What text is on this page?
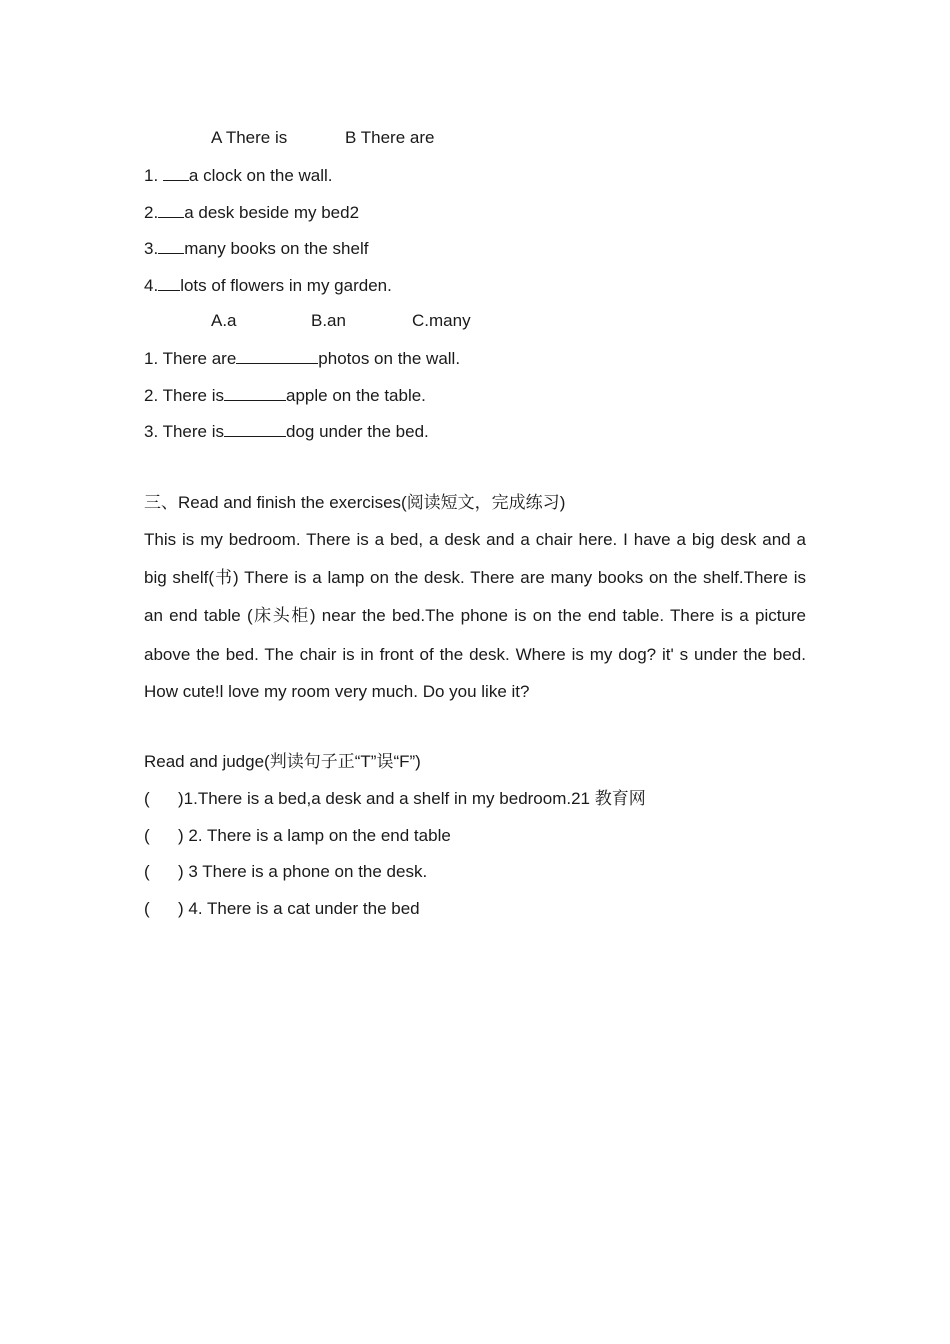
A There is	B There are
1. a clock on the wall.
2. a desk beside my bed2
3. many books on the shelf
4. lots of flowers in my garden.
A.a	B.an	C.many
1. There are	photos on the wall.
2. There is	apple on the table.
3. There is	dog under the bed.
三、Read and finish the exercises(阅读短文，完成练习)
This is my bedroom. There is a bed, a desk and a chair here. I have a big desk and a big shelf(书) There is a lamp on the desk. There are many books on the shelf.There is an end table (床头柜) near the bed.The phone is on the end table. There is a picture above the bed. The chair is in front of the desk. Where is my dog? it' s under the bed. How cute!l love my room very much. Do you like it?
Read and judge(判读句子正“T”误“F”)
( )1.There is a bed,a desk and a shelf in my bedroom.21 教育网
( ) 2. There is a lamp on the end table
( ) 3 There is a phone on the desk.
( ) 4. There is a cat under the bed
